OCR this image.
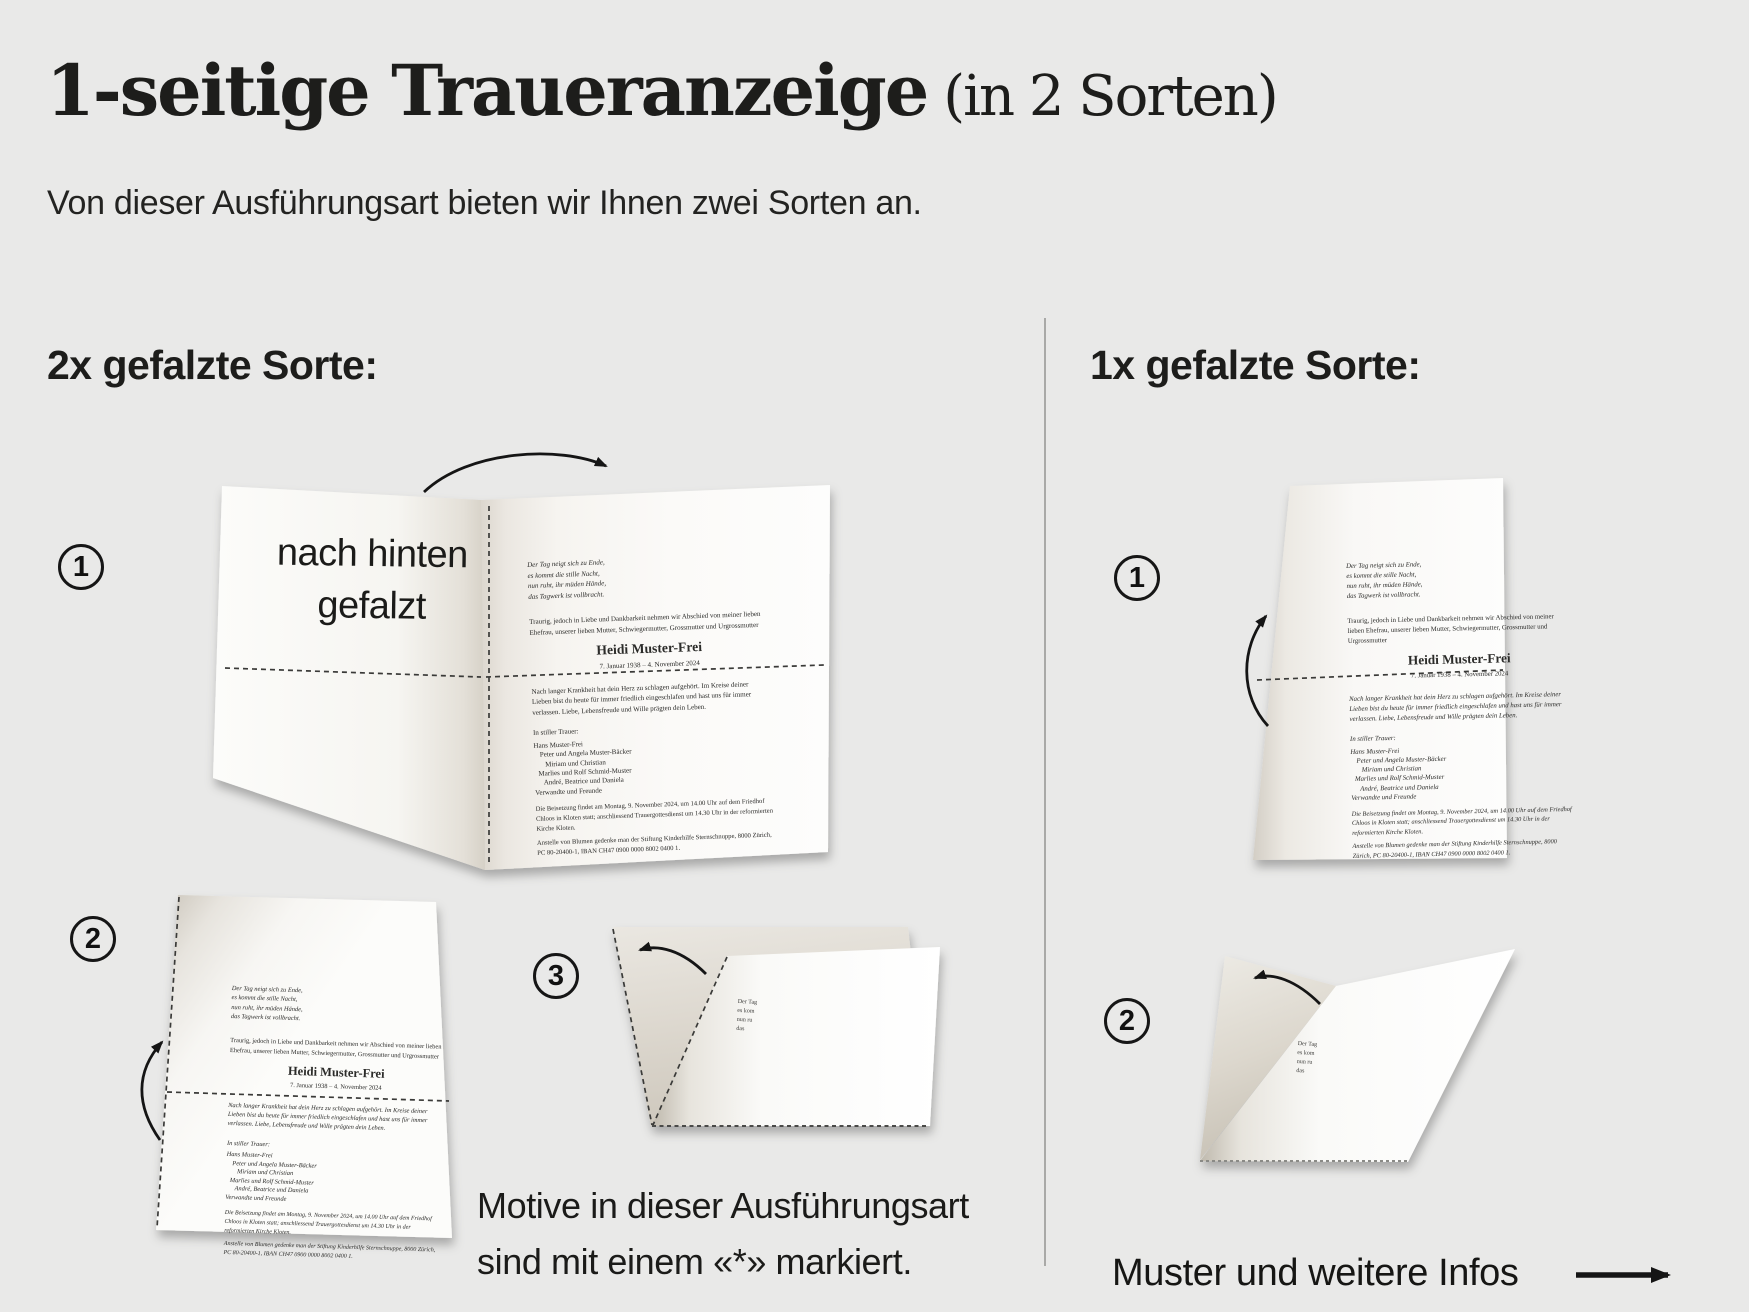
1-seitige Traueranzeige (in 2 Sorten)
Von dieser Ausführungsart bieten wir Ihnen zwei Sorten an.
2x gefalzte Sorte:	1x gefalzte Sorte:
1
2
3
1
2
nach hinten
gefalzt
Der Tag neigt sich zu Ende,
es kommt die stille Nacht,
nun ruht, ihr müden Hände,
das Tagwerk ist vollbracht.
Traurig, jedoch in Liebe und Dankbarkeit nehmen wir Abschied von meiner lieben Ehefrau, unserer lieben Mutter, Schwiegermutter, Grossmutter und Urgrossmutter
Heidi Muster-Frei
7. Januar 1938 – 4. November 2024
Nach langer Krankheit hat dein Herz zu schlagen aufgehört. Im Kreise deiner Lieben bist du heute für immer friedlich eingeschlafen und hast uns für immer verlassen. Liebe, Lebensfreude und Wille prägten dein Leben.
In stiller Trauer:
Hans Muster-Frei
Peter und Angela Muster-Bäcker
Miriam und Christian
Marlies und Rolf Schmid-Muster
André, Beatrice und Daniela
Verwandte und Freunde
Die Beisetzung findet am Montag, 9. November 2024, um 14.00 Uhr auf dem Friedhof Chloos in Kloten statt; anschliessend Trauergottesdienst um 14.30 Uhr in der reformierten Kirche Kloten.
Anstelle von Blumen gedenke man der Stiftung Kinderhilfe Sternschnuppe, 8000 Zürich, PC 80-20400-1, IBAN CH47 0900 0000 8002 0400 1.
Der Tag neigt sich zu Ende,
es kommt die stille Nacht,
nun ruht, ihr müden Hände,
das Tagwerk ist vollbracht.
Traurig, jedoch in Liebe und Dankbarkeit nehmen wir Abschied von meiner lieben Ehefrau, unserer lieben Mutter, Schwiegermutter, Grossmutter und Urgrossmutter
Heidi Muster-Frei
7. Januar 1938 – 4. November 2024
Nach langer Krankheit hat dein Herz zu schlagen aufgehört. Im Kreise deiner Lieben bist du heute für immer friedlich eingeschlafen und hast uns für immer verlassen. Liebe, Lebensfreude und Wille prägten dein Leben.
In stiller Trauer:
Hans Muster-Frei
Peter und Angela Muster-Bäcker
Miriam und Christian
Marlies und Rolf Schmid-Muster
André, Beatrice und Daniela
Verwandte und Freunde
Die Beisetzung findet am Montag, 9. November 2024, um 14.00 Uhr auf dem Friedhof Chloos in Kloten statt; anschliessend Trauergottesdienst um 14.30 Uhr in der reformierten Kirche Kloten.
Anstelle von Blumen gedenke man der Stiftung Kinderhilfe Sternschnuppe, 8000 Zürich, PC 80-20400-1, IBAN CH47 0900 0000 8002 0400 1.
Der Tag neigt sich zu Ende,
es kommt die stille Nacht,
nun ruht, ihr müden Hände,
das Tagwerk ist vollbracht.
Traurig, jedoch in Liebe und Dankbarkeit nehmen wir Abschied von meiner lieben Ehefrau, unserer lieben Mutter, Schwiegermutter, Grossmutter und Urgrossmutter
Heidi Muster-Frei
7. Januar 1938 – 4. November 2024
Nach langer Krankheit hat dein Herz zu schlagen aufgehört. Im Kreise deiner Lieben bist du heute für immer friedlich eingeschlafen und hast uns für immer verlassen. Liebe, Lebensfreude und Wille prägten dein Leben.
In stiller Trauer:
Hans Muster-Frei
Peter und Angela Muster-Bäcker
Miriam und Christian
Marlies und Rolf Schmid-Muster
André, Beatrice und Daniela
Verwandte und Freunde
Die Beisetzung findet am Montag, 9. November 2024, um 14.00 Uhr auf dem Friedhof Chloos in Kloten statt; anschliessend Trauergottesdienst um 14.30 Uhr in der reformierten Kirche Kloten.
Anstelle von Blumen gedenke man der Stiftung Kinderhilfe Sternschnuppe, 8000 Zürich, PC 80-20400-1, IBAN CH47 0900 0000 8002 0400 1.
Der Tag
es kom
nun ru
das
Der Tag
es kom
nun ru
das
Motive in dieser Ausführungsart
sind mit einem «*» markiert.	Muster und weitere Infos
